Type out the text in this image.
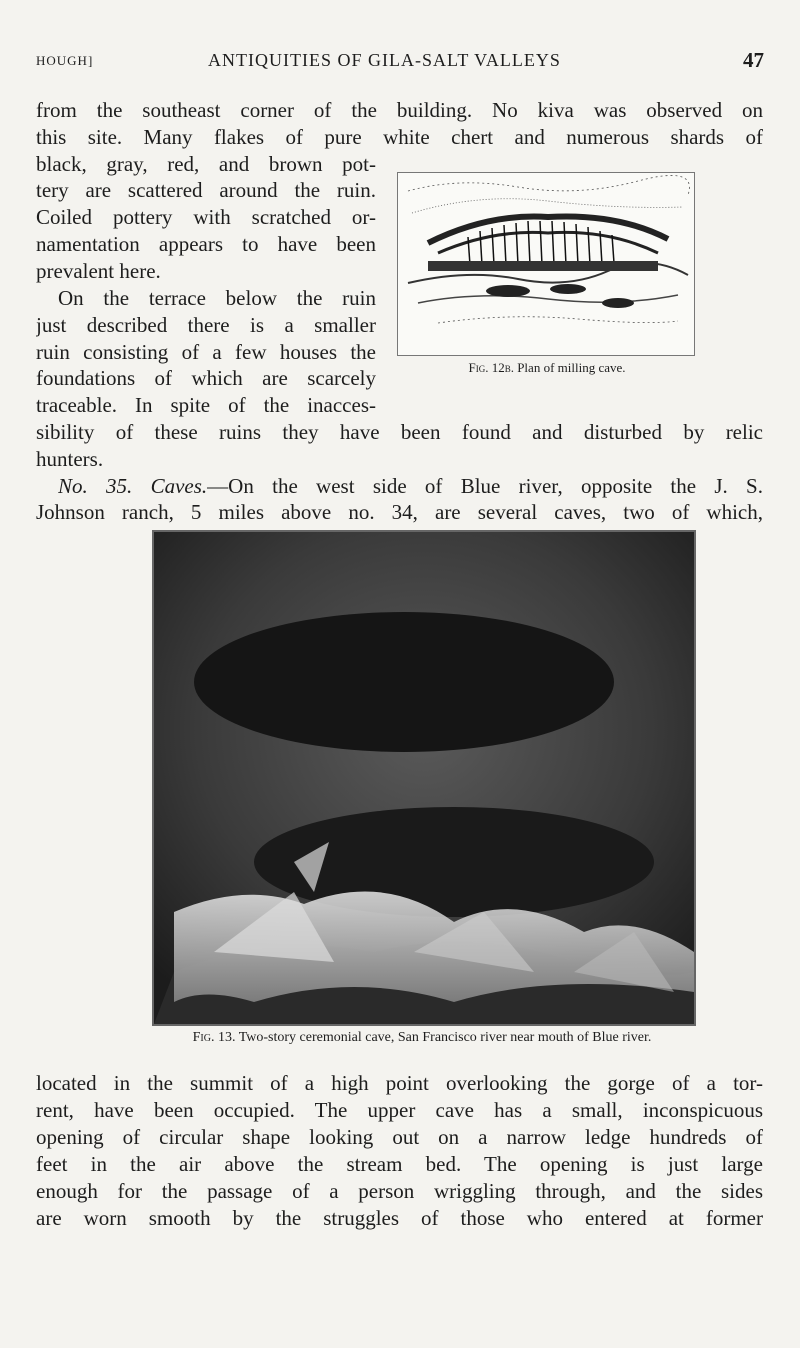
HOUGH]	ANTIQUITIES OF GILA-SALT VALLEYS	47
from the southeast corner of the building. No kiva was observed on
this site. Many flakes of pure white chert and numerous shards of
black, gray, red, and brown pot-
tery are scattered around the ruin.
Coiled pottery with scratched or-
namentation appears to have been
prevalent here.
On the terrace below the ruin
just described there is a smaller
ruin consisting of a few houses the
foundations of which are scarcely
traceable. In spite of the inacces-
sibility of these ruins they have been found and disturbed by relic
hunters.
No. 35. Caves.—On the west side of Blue river, opposite the J. S.
Johnson ranch, 5 miles above no. 34, are several caves, two of which,
Fig. 12b. Plan of milling cave.
Fig. 13. Two-story ceremonial cave, San Francisco river near mouth of Blue river.
located in the summit of a high point overlooking the gorge of a tor-
rent, have been occupied. The upper cave has a small, inconspicuous
opening of circular shape looking out on a narrow ledge hundreds of
feet in the air above the stream bed. The opening is just large
enough for the passage of a person wriggling through, and the sides
are worn smooth by the struggles of those who entered at former
